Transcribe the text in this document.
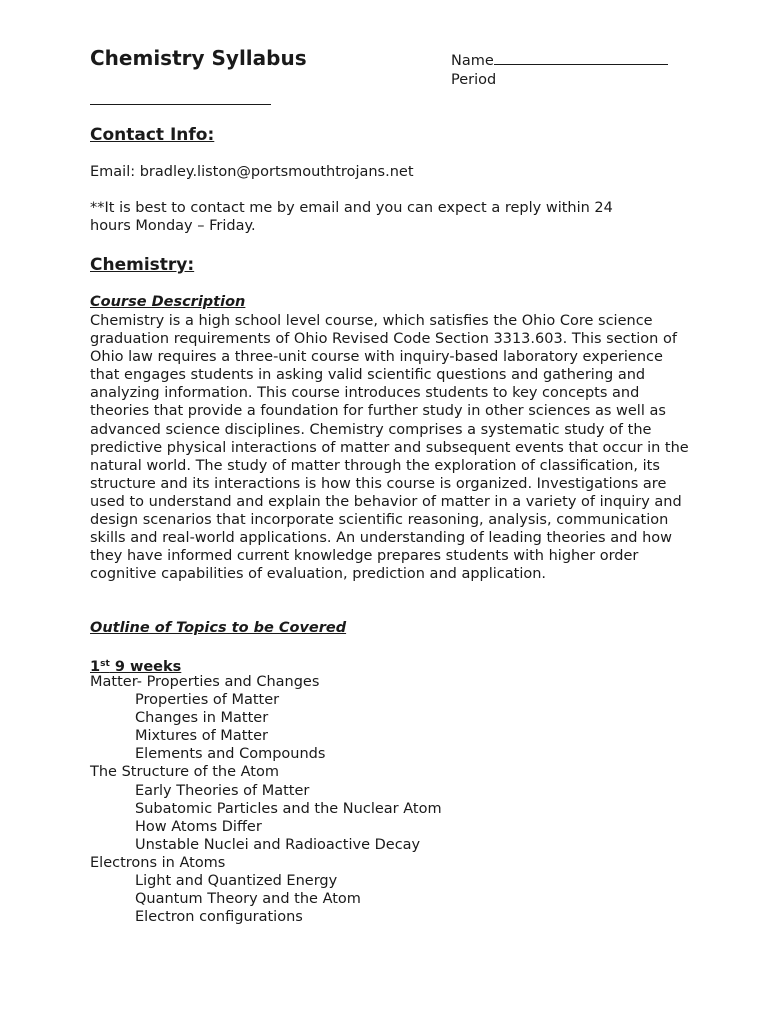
Chemistry Syllabus	Name
Period
Contact Info:

Email: bradley.liston@portsmouthtrojans.net

**It is best to contact me by email and you can expect a reply within 24 hours Monday – Friday.

Chemistry:
Course Description

Chemistry is a high school level course, which satisfies the Ohio Core science graduation requirements of Ohio Revised Code Section 3313.603. This section of Ohio law requires a three-unit course with inquiry-based laboratory experience that engages students in asking valid scientific questions and gathering and analyzing information. This course introduces students to key concepts and theories that provide a foundation for further study in other sciences as well as advanced science disciplines. Chemistry comprises a systematic study of the predictive physical interactions of matter and subsequent events that occur in the natural world. The study of matter through the exploration of classification, its structure and its interactions is how this course is organized. Investigations are used to understand and explain the behavior of matter in a variety of inquiry and design scenarios that incorporate scientific reasoning, analysis, communication skills and real-world applications. An understanding of leading theories and how they have informed current knowledge prepares students with higher order cognitive capabilities of evaluation, prediction and application.

Outline of Topics to be Covered
1st 9 weeks
Matter- Properties and Changes
Properties of Matter
Changes in Matter
Mixtures of Matter
Elements and Compounds
The Structure of the Atom
Early Theories of Matter
Subatomic Particles and the Nuclear Atom
How Atoms Differ
Unstable Nuclei and Radioactive Decay
Electrons in Atoms
Light and Quantized Energy
Quantum Theory and the Atom
Electron configurations
